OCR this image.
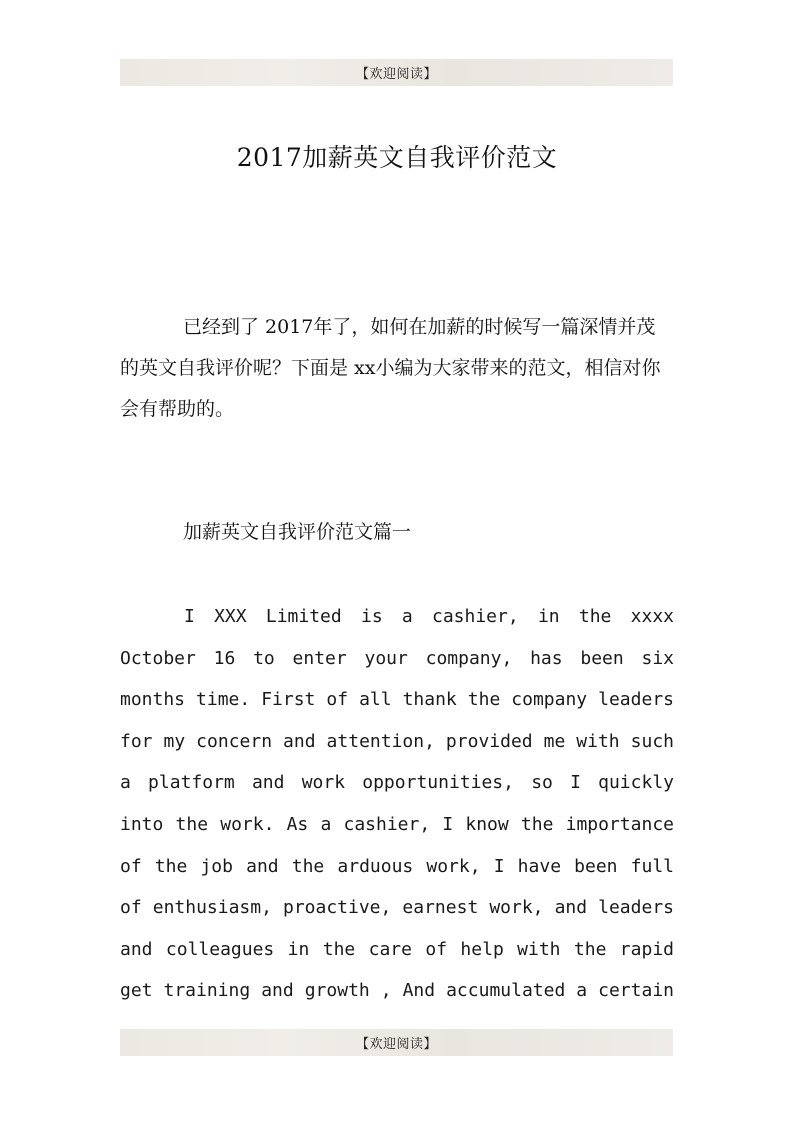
【欢迎阅读】
2017加薪英文自我评价范文

已经到了 2017年了，如何在加薪的时候写一篇深情并茂的英文自我评价呢？下面是 xx小编为大家带来的范文，相信对你会有帮助的。

加薪英文自我评价范文篇一

I XXX Limited is a cashier, in the xxxx October 16 to enter your company, has been six months time. First of all thank the company leaders for my concern and attention, provided me with such a platform and work opportunities, so I quickly into the work. As a cashier, I know the importance of the job and the arduous work, I have been full of enthusiasm, proactive, earnest work, and leaders and colleagues in the care of help with the rapid get training and growth , And accumulated a certain

【欢迎阅读】
